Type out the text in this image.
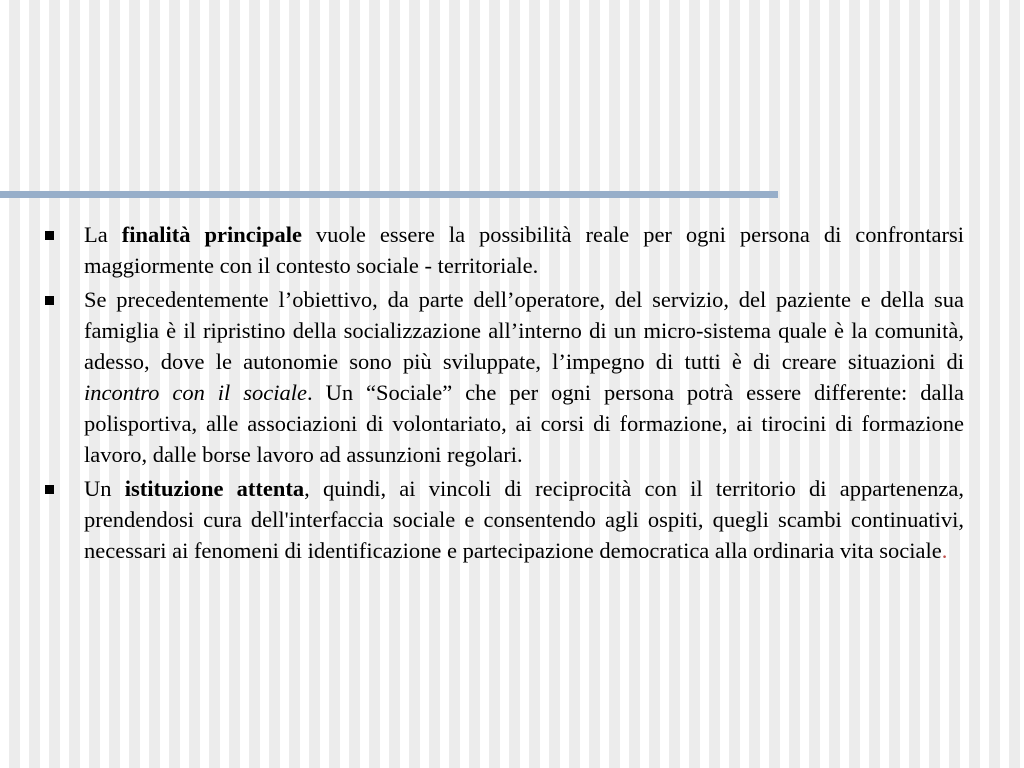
La finalità principale vuole essere la possibilità reale per ogni persona di confrontarsi maggiormente con il contesto sociale - territoriale.
Se precedentemente l’obiettivo, da parte dell’operatore, del servizio, del paziente e della sua famiglia è il ripristino della socializzazione all’interno di un micro-sistema quale è la comunità, adesso, dove le autonomie sono più sviluppate, l’impegno di tutti è di creare situazioni di incontro con il sociale. Un “Sociale” che per ogni persona potrà essere differente: dalla polisportiva, alle associazioni di volontariato, ai corsi di formazione, ai tirocini di formazione lavoro, dalle borse lavoro ad assunzioni regolari.
Un istituzione attenta, quindi, ai vincoli di reciprocità con il territorio di appartenenza, prendendosi cura dell'interfaccia sociale e consentendo agli ospiti, quegli scambi continuativi, necessari ai fenomeni di identificazione e partecipazione democratica alla ordinaria vita sociale.
